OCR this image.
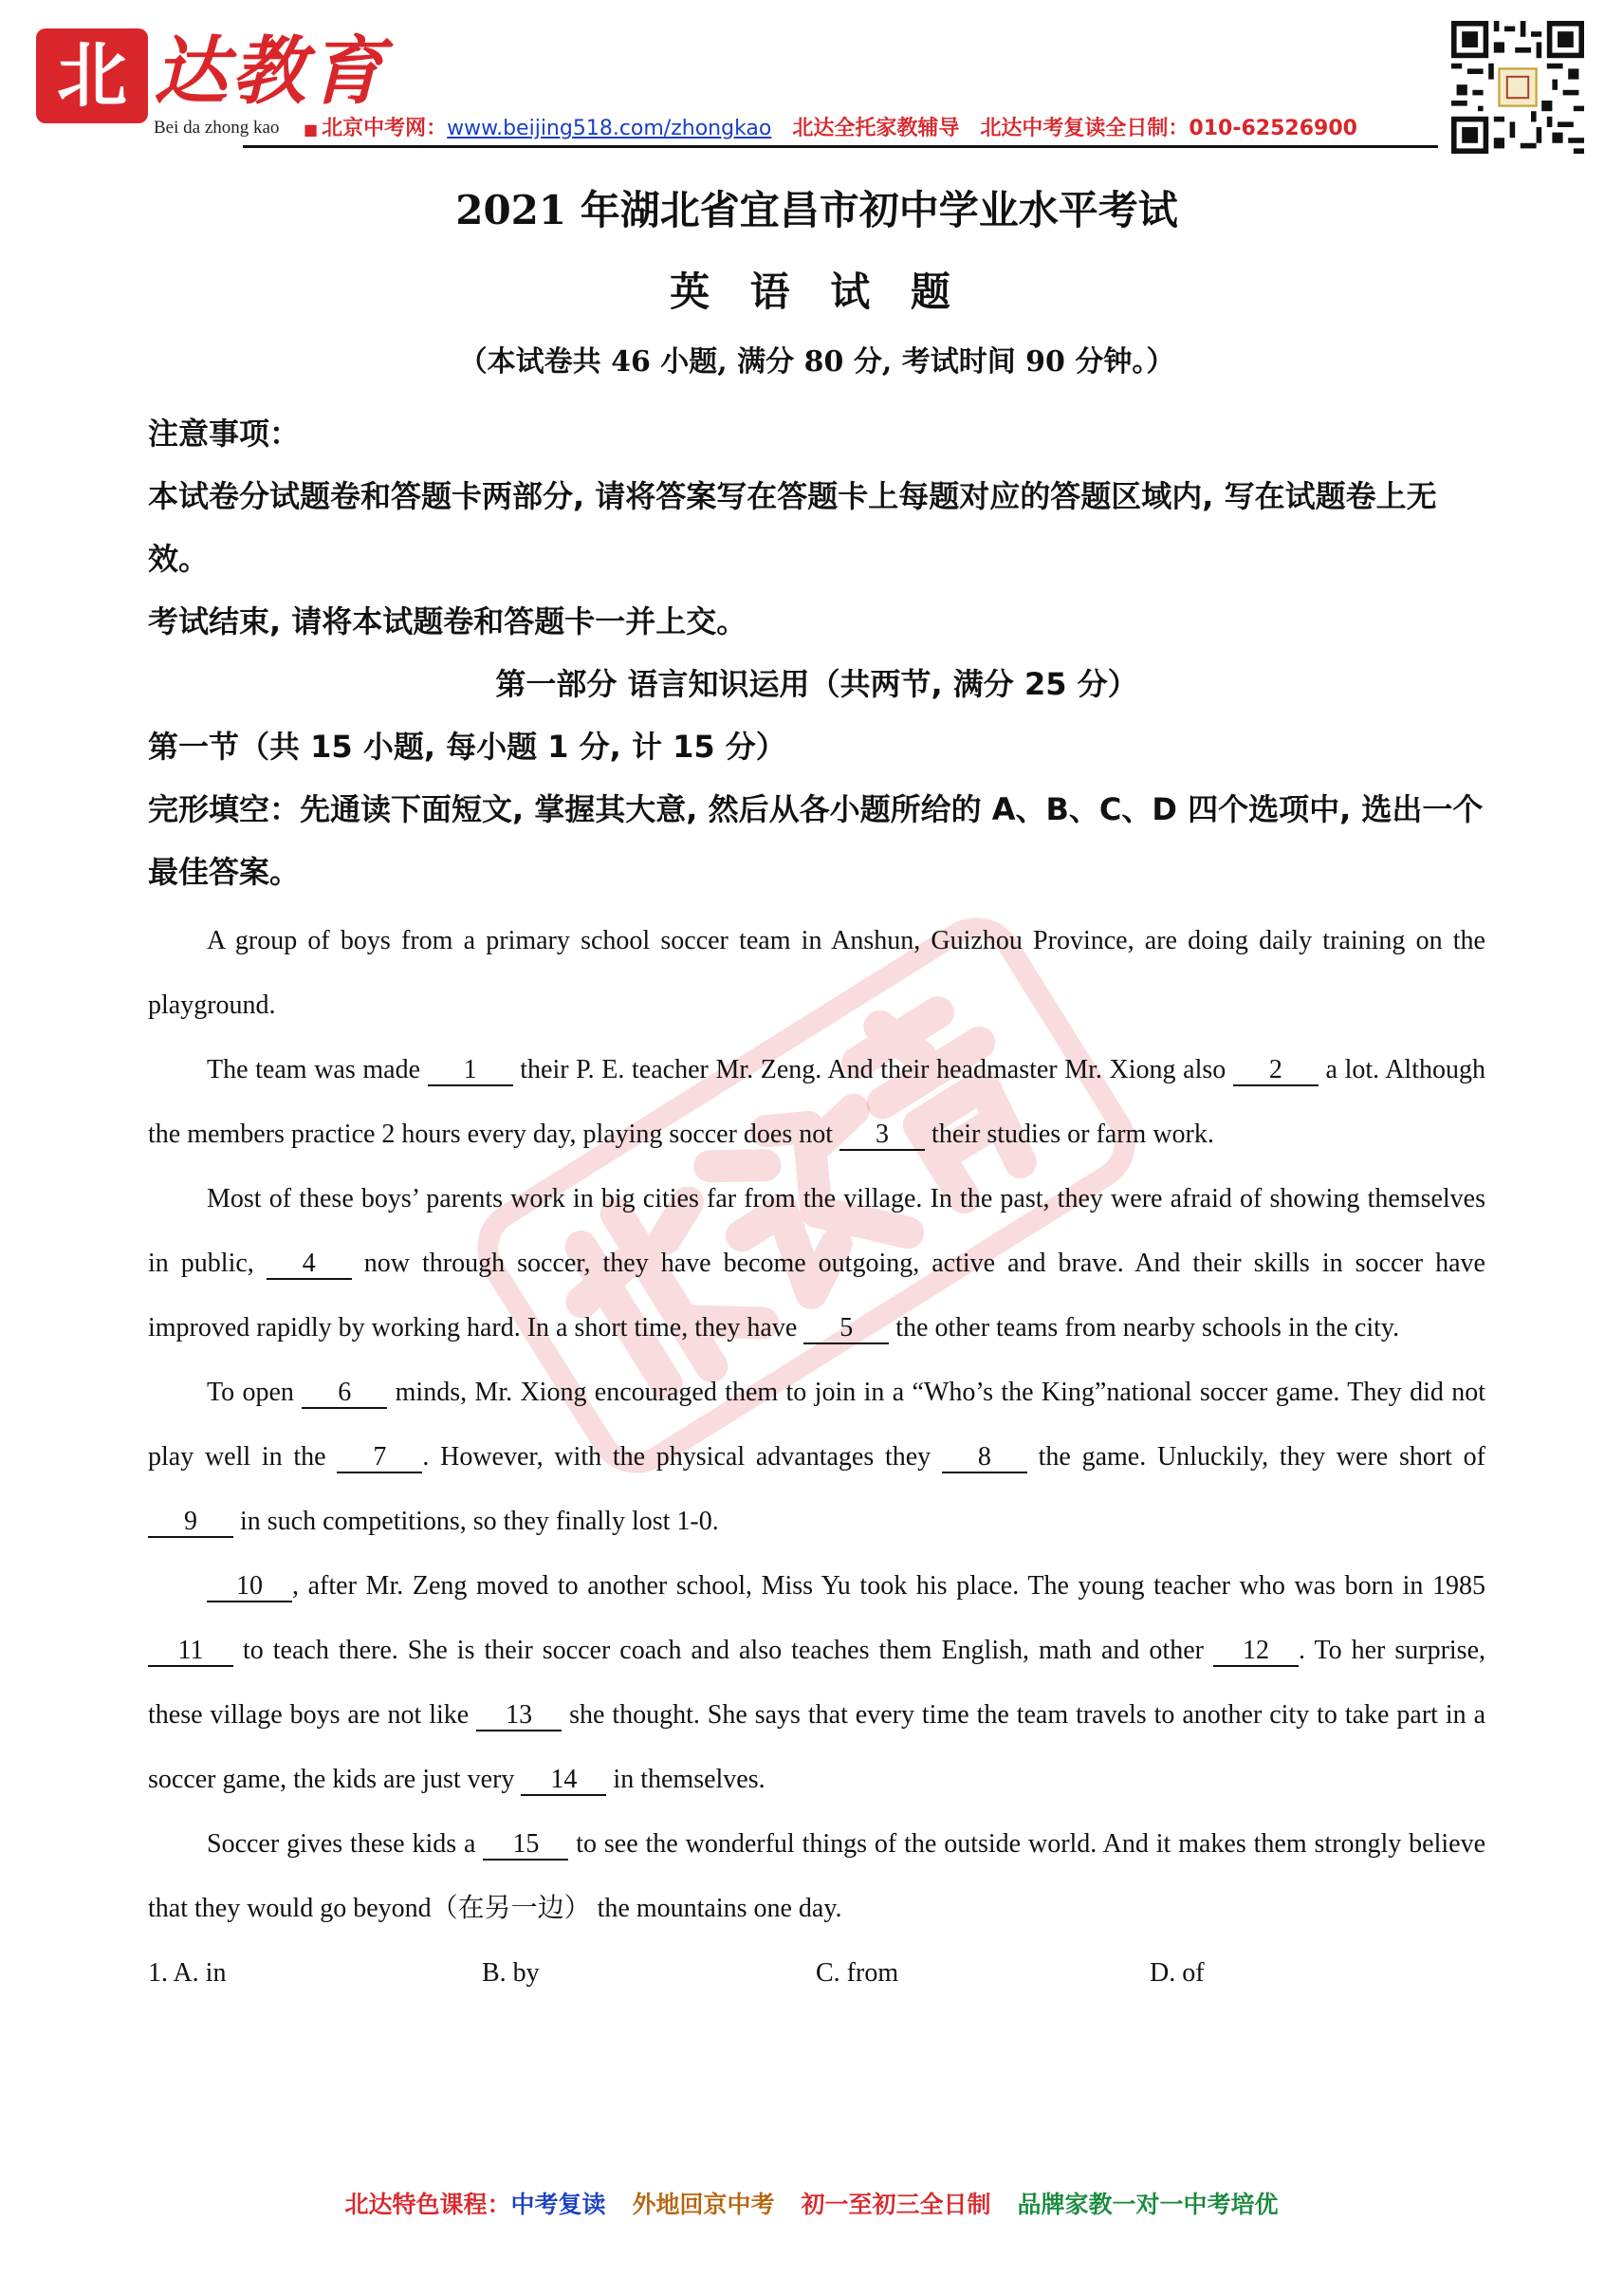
北 达教育
Bei da zhong kao ■ 北京中考网：www.beijing518.com/zhongkao 北达全托家教辅导 北达中考复读全日制：010-62526900
2021 年湖北省宜昌市初中学业水平考试
英 语 试 题
（本试卷共 46 小题, 满分 80 分, 考试时间 90 分钟。）

注意事项：

本试卷分试题卷和答题卡两部分, 请将答案写在答题卡上每题对应的答题区域内, 写在试题卷上无效。

考试结束, 请将本试题卷和答题卡一并上交。

第一部分 语言知识运用（共两节, 满分 25 分）

第一节（共 15 小题, 每小题 1 分, 计 15 分）

完形填空：先通读下面短文, 掌握其大意, 然后从各小题所给的 A、B、C、D 四个选项中, 选出一个最佳答案。

A group of boys from a primary school soccer team in Anshun, Guizhou Province, are doing daily training on the playground.

The team was made 1 their P. E. teacher Mr. Zeng. And their headmaster Mr. Xiong also 2 a lot. Although the members practice 2 hours every day, playing soccer does not 3 their studies or farm work.

Most of these boys’ parents work in big cities far from the village. In the past, they were afraid of showing themselves in public, 4 now through soccer, they have become outgoing, active and brave. And their skills in soccer have improved rapidly by working hard. In a short time, they have 5 the other teams from nearby schools in the city.

To open 6 minds, Mr. Xiong encouraged them to join in a “Who’s the King”national soccer game. They did not play well in the 7 . However, with the physical advantages they 8 the game. Unluckily, they were short of 9 in such competitions, so they finally lost 1-0.

10 , after Mr. Zeng moved to another school, Miss Yu took his place. The young teacher who was born in 1985 11 to teach there. She is their soccer coach and also teaches them English, math and other 12 . To her surprise, these village boys are not like 13 she thought. She says that every time the team travels to another city to take part in a soccer game, the kids are just very 14 in themselves.

Soccer gives these kids a 15 to see the wonderful things of the outside world. And it makes them strongly believe that they would go beyond（在另一边） the mountains one day.

1. A. in	B. by	C. from	D. of
北达特色课程：中考复读 外地回京中考 初一至初三全日制 品牌家教一对一中考培优
